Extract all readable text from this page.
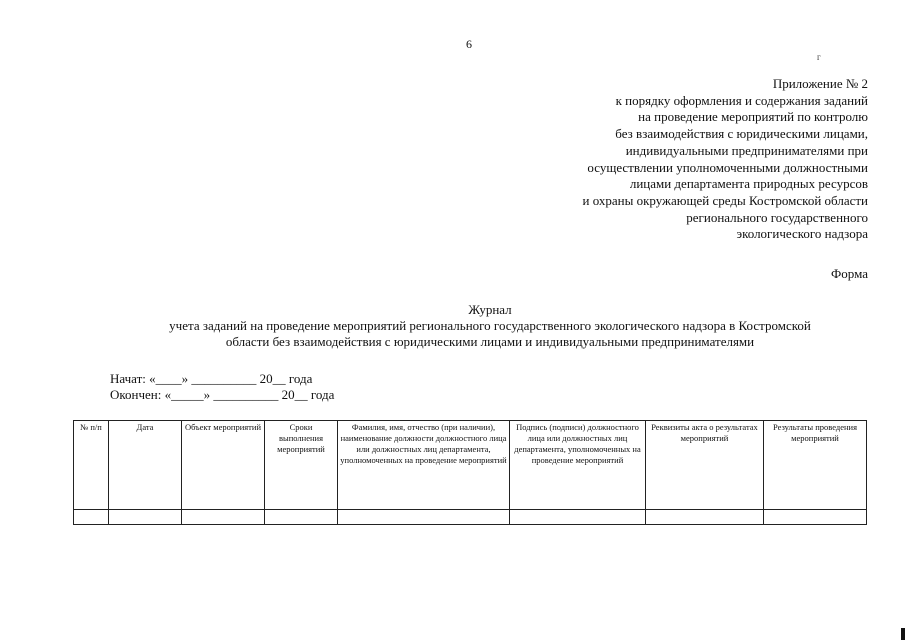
6
г
Приложение № 2
к порядку оформления и содержания заданий
на проведение мероприятий по контролю
без взаимодействия с юридическими лицами,
индивидуальными предпринимателями при
осуществлении уполномоченными должностными
лицами департамента природных ресурсов
и охраны окружающей среды Костромской области
регионального государственного
экологического надзора
Форма
Журнал
учета заданий на проведение мероприятий регионального государственного экологического надзора в Костромской
области без взаимодействия с юридическими лицами и индивидуальными предпринимателями
Начат: «____» __________ 20__ года
Окончен: «_____» __________ 20__ года
№ п/п	Дата	Объект мероприятий	Сроки выполнения мероприятий	Фамилия, имя, отчество (при наличии), наименование должности должностного лица или должностных лиц департамента, уполномоченных на проведение мероприятий	Подпись (подписи) должностного лица или должностных лиц департамента, уполномоченных на проведение мероприятий	Реквизиты акта о результатах мероприятий	Результаты проведения мероприятий
